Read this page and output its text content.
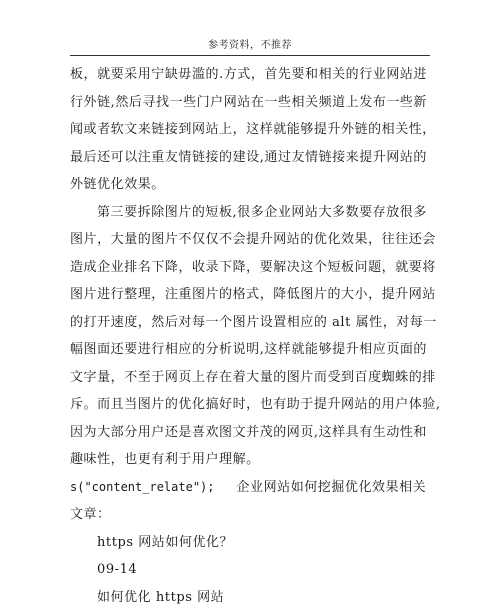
参考资料，不推荐
板，就要采用宁缺毋滥的.方式，首先要和相关的行业网站进
行外链,然后寻找一些门户网站在一些相关频道上发布一些新
闻或者软文来链接到网站上，这样就能够提升外链的相关性，
最后还可以注重友情链接的建设,通过友情链接来提升网站的
外链优化效果。
第三要拆除图片的短板,很多企业网站大多数要存放很多
图片，大量的图片不仅仅不会提升网站的优化效果，往往还会
造成企业排名下降，收录下降，要解决这个短板问题，就要将
图片进行整理，注重图片的格式，降低图片的大小，提升网站
的打开速度，然后对每一个图片设置相应的 alt 属性，对每一
幅图面还要进行相应的分析说明,这样就能够提升相应页面的
文字量，不至于网页上存在着大量的图片而受到百度蜘蛛的排
斥。而且当图片的优化搞好时，也有助于提升网站的用户体验,
因为大部分用户还是喜欢图文并茂的网页,这样具有生动性和
趣味性，也更有利于用户理解。
s("content_relate"); 企业网站如何挖掘优化效果相关
文章：
https 网站如何优化？
09-14
如何优化 https 网站
